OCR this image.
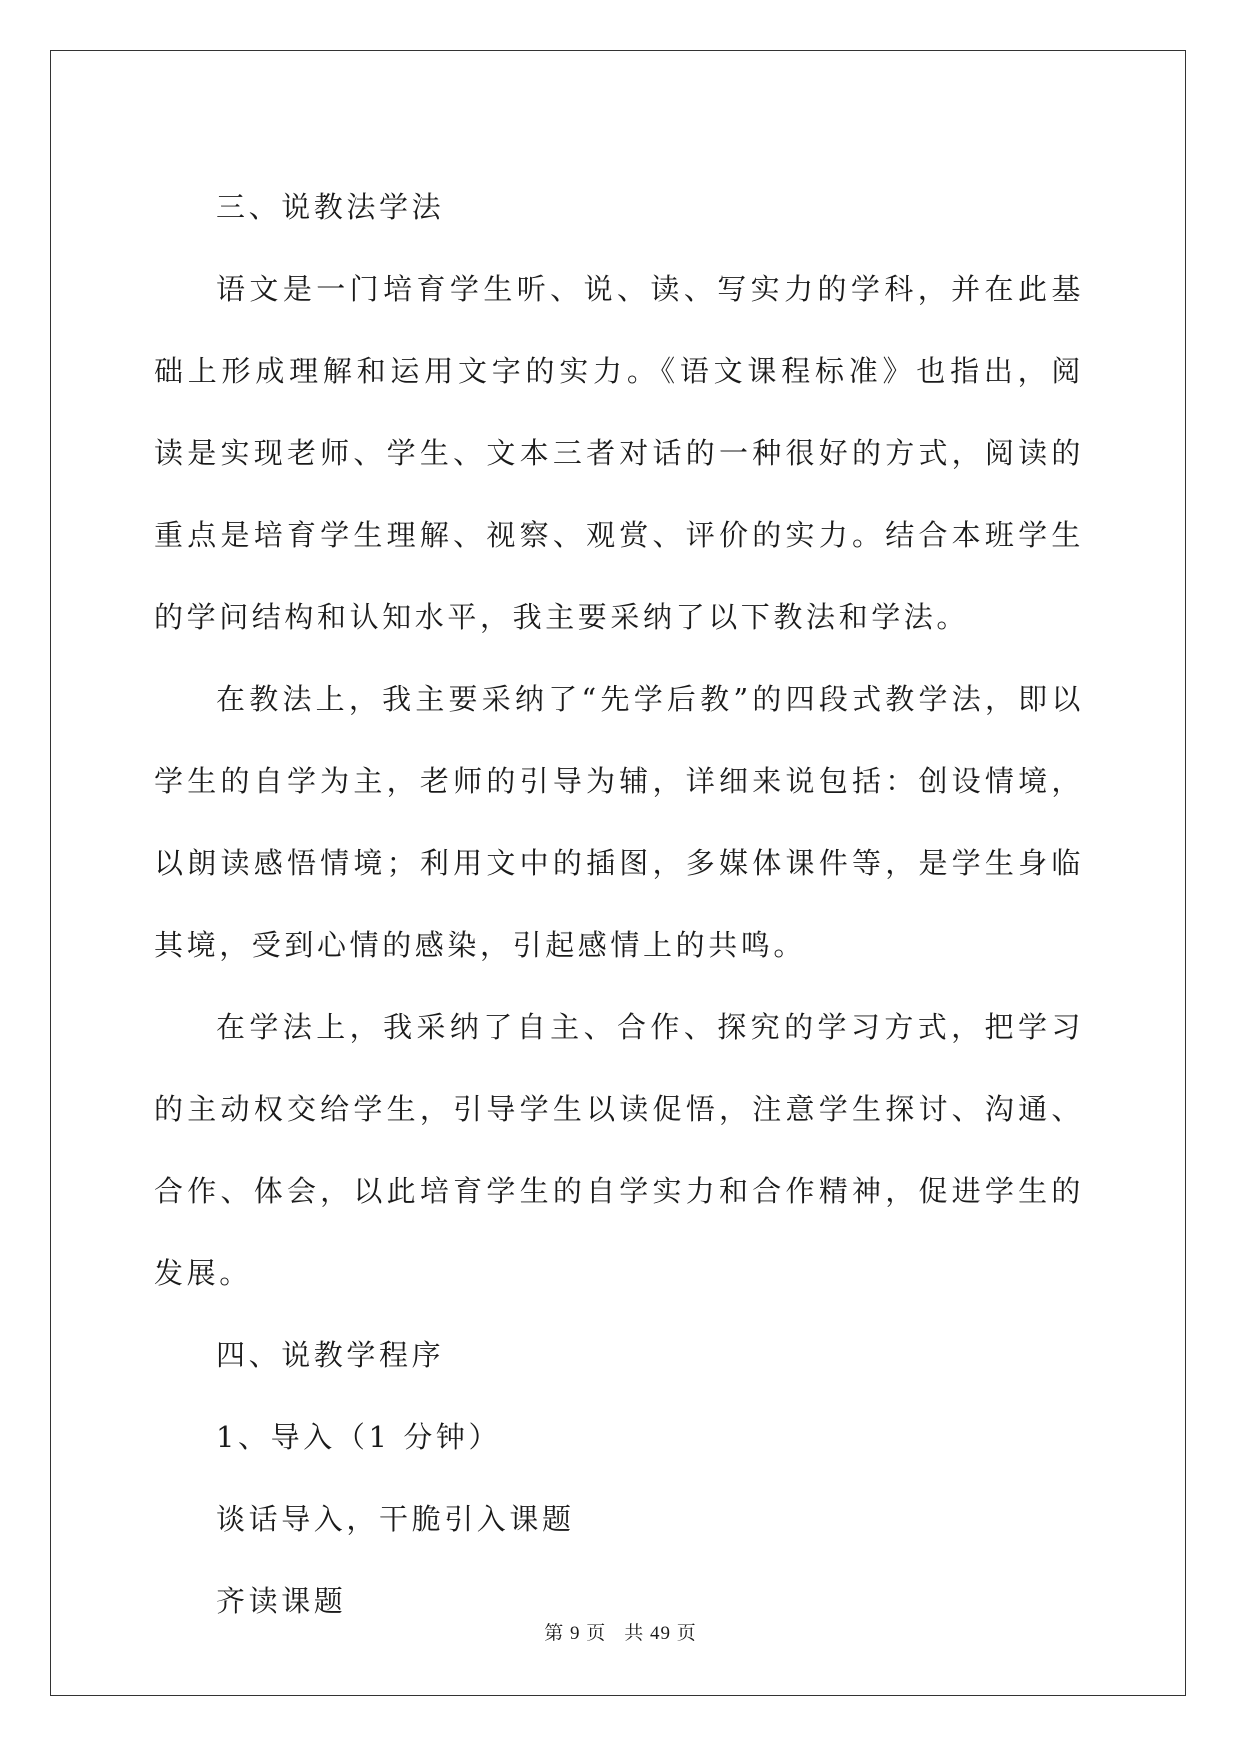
三、说教法学法

语文是一门培育学生听、说、读、写实力的学科，并在此基础上形成理解和运用文字的实力。《语文课程标准》也指出，阅读是实现老师、学生、文本三者对话的一种很好的方式，阅读的重点是培育学生理解、视察、观赏、评价的实力。结合本班学生的学问结构和认知水平，我主要采纳了以下教法和学法。

在教法上，我主要采纳了“先学后教”的四段式教学法，即以学生的自学为主，老师的引导为辅，详细来说包括：创设情境，以朗读感悟情境；利用文中的插图，多媒体课件等，是学生身临其境，受到心情的感染，引起感情上的共鸣。

在学法上，我采纳了自主、合作、探究的学习方式，把学习的主动权交给学生，引导学生以读促悟，注意学生探讨、沟通、合作、体会，以此培育学生的自学实力和合作精神，促进学生的发展。

四、说教学程序

1、导入（1 分钟）

谈话导入，干脆引入课题

齐读课题

第 9 页 共 49 页
